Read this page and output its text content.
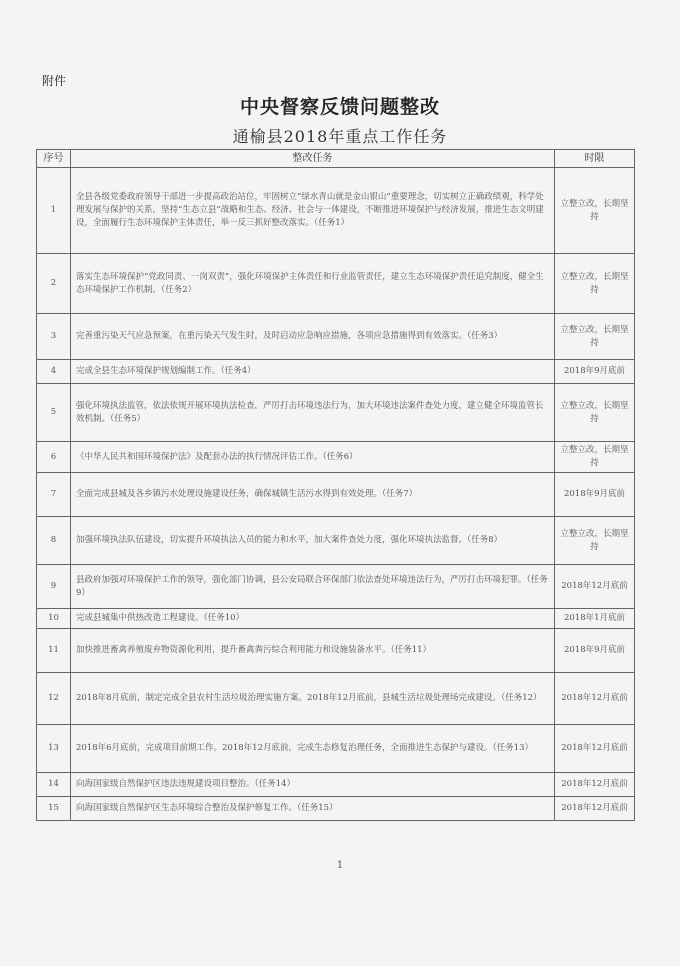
附件
中央督察反馈问题整改
通榆县2018年重点工作任务
序号	整改任务	时限
1	全县各级党委政府领导干部进一步提高政治站位，牢固树立“绿水青山就是金山银山”重要理念，切实树立正确政绩观，科学处理发展与保护的关系，坚持“生态立县”战略和生态、经济、社会与一体建设，不断推进环境保护与经济发展，推进生态文明建设，全面履行生态环境保护主体责任，举一反三抓好整改落实。（任务1）	立整立改，长期坚持
2	落实生态环境保护“党政同责、一岗双责”，强化环境保护主体责任和行业监管责任，建立生态环境保护责任追究制度，健全生态环境保护工作机制。（任务2）	立整立改，长期坚持
3	完善重污染天气应急预案，在重污染天气发生时，及时启动应急响应措施，各项应急措施得到有效落实。（任务3）	立整立改，长期坚持
4	完成全县生态环境保护规划编制工作。（任务4）	2018年9月底前
5	强化环境执法监管，依法依规开展环境执法检查，严厉打击环境违法行为，加大环境违法案件查处力度，建立健全环境监管长效机制。（任务5）	立整立改，长期坚持
6	《中华人民共和国环境保护法》及配套办法的执行情况评估工作。（任务6）	立整立改，长期坚持
7	全面完成县城及各乡镇污水处理设施建设任务，确保城镇生活污水得到有效处理。（任务7）	2018年9月底前
8	加强环境执法队伍建设，切实提升环境执法人员的能力和水平，加大案件查处力度，强化环境执法监督。（任务8）	立整立改，长期坚持
9	县政府加强对环境保护工作的领导，强化部门协调，县公安局联合环保部门依法查处环境违法行为，严厉打击环境犯罪。（任务9）	2018年12月底前
10	完成县城集中供热改造工程建设。（任务10）	2018年1月底前
11	加快推进畜禽养殖废弃物资源化利用，提升畜禽粪污综合利用能力和设施装备水平。（任务11）	2018年9月底前
12	2018年8月底前，制定完成全县农村生活垃圾治理实施方案。2018年12月底前，县城生活垃圾处理场完成建设。（任务12）	2018年12月底前
13	2018年6月底前，完成项目前期工作。2018年12月底前，完成生态修复治理任务，全面推进生态保护与建设。（任务13）	2018年12月底前
14	向海国家级自然保护区违法违规建设项目整治。（任务14）	2018年12月底前
15	向海国家级自然保护区生态环境综合整治及保护修复工作。（任务15）	2018年12月底前
1
